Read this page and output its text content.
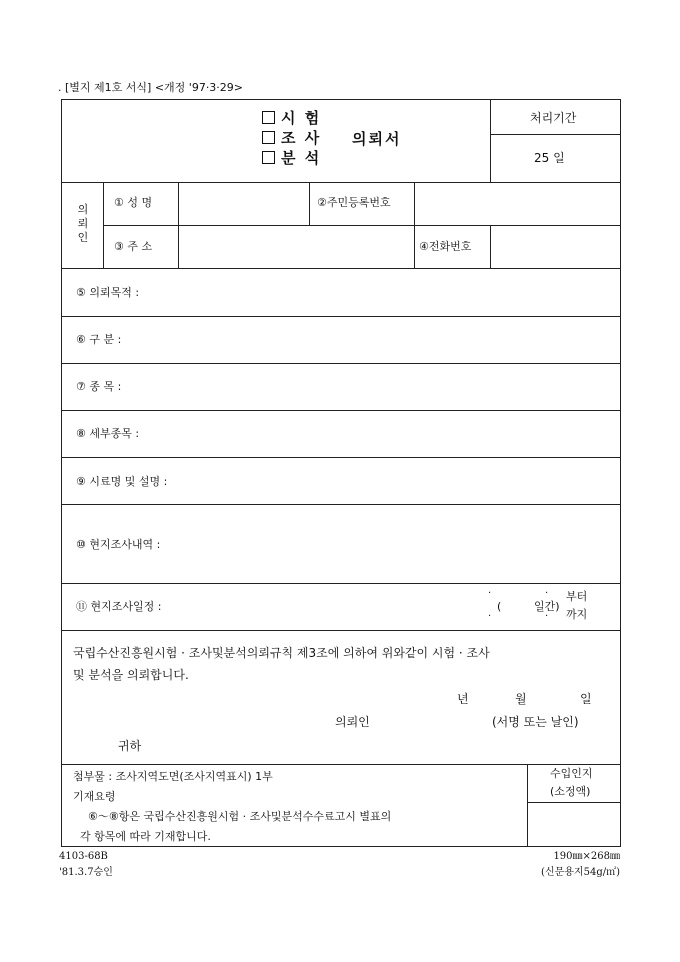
. [별지 제1호 서식] <개정 '97·3·29>
시 험
조 사
분 석
의뢰서
처리기간
25 일
의뢰인
① 성 명	②주민등록번호
③ 주 소	④전화번호
⑤ 의뢰목적 :
⑥ 구 분 :
⑦ 종 목 :
⑧ 세부종목 :
⑨ 시료명 및 설명 :
⑩ 현지조사내역 :
⑪ 현지조사일정 :
·	·
(	일간)
·	·
부터
까지
국립수산진흥원시험 · 조사및분석의뢰규칙 제3조에 의하여 위와같이 시험 · 조사
및 분석을 의뢰합니다.
년	월	일
의뢰인	(서명 또는 날인)
귀하
첨부물 : 조사지역도면(조사지역표시) 1부
기재요령
⑥～⑧항은 국립수산진흥원시험 · 조사및분석수수료고시 별표의
각 항목에 따라 기재합니다.
수입인지
(소정액)
4103-68B
'81.3.7승인
190㎜×268㎜
(신문용지54g/㎡)
